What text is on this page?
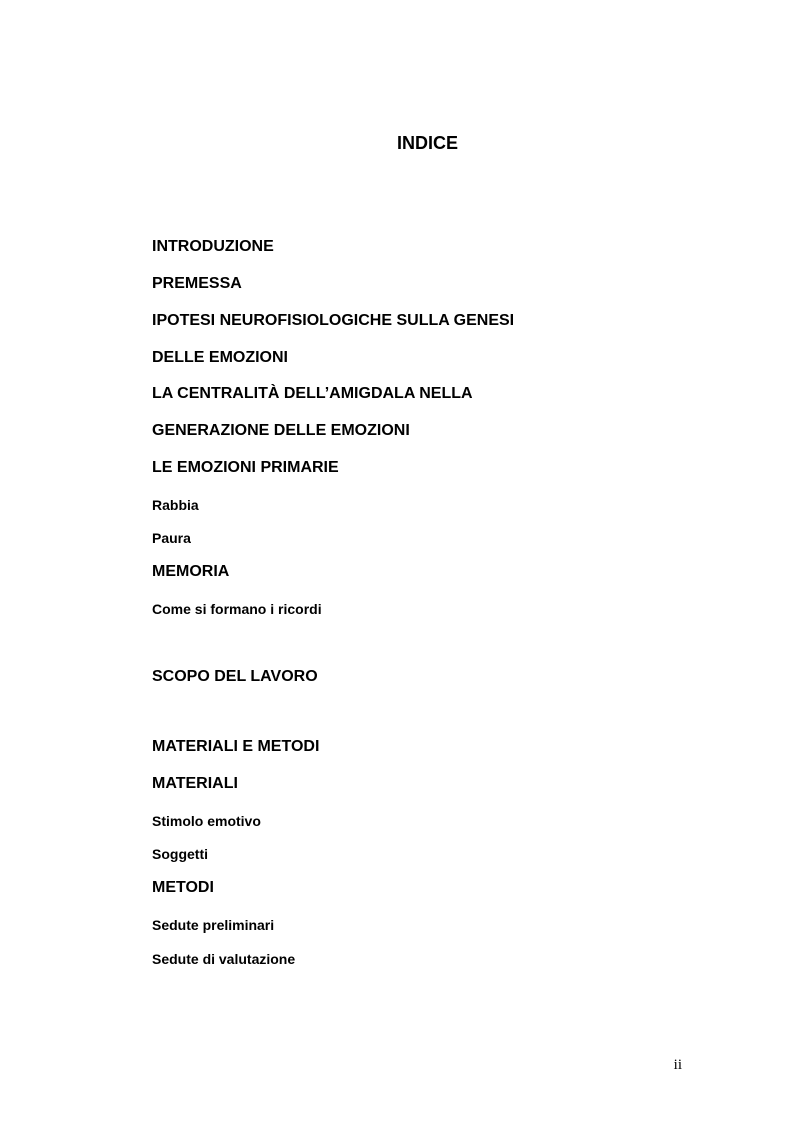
INDICE
INTRODUZIONE
PREMESSA
IPOTESI NEUROFISIOLOGICHE SULLA GENESI
DELLE EMOZIONI
LA CENTRALITÀ DELL’AMIGDALA NELLA
GENERAZIONE DELLE EMOZIONI
LE EMOZIONI PRIMARIE
Rabbia
Paura
MEMORIA
Come si formano i ricordi
SCOPO DEL LAVORO
MATERIALI E METODI
MATERIALI
Stimolo emotivo
Soggetti
METODI
Sedute preliminari
Sedute di valutazione
ii
